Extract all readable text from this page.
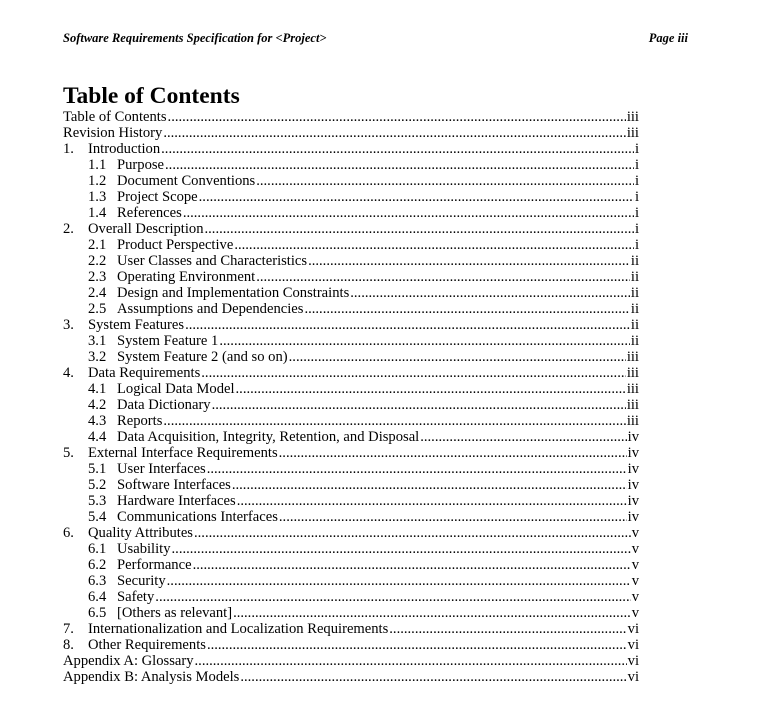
Software Requirements Specification for <Project>	Page iii
Table of Contents
Table of Contents .....	iii
Revision History .....	iii
1. Introduction .....	i
1.1 Purpose .....	i
1.2 Document Conventions .....	i
1.3 Project Scope .....	i
1.4 References .....	i
2. Overall Description .....	i
2.1 Product Perspective .....	i
2.2 User Classes and Characteristics .....	ii
2.3 Operating Environment .....	ii
2.4 Design and Implementation Constraints .....	ii
2.5 Assumptions and Dependencies .....	ii
3. System Features .....	ii
3.1 System Feature 1 .....	ii
3.2 System Feature 2 (and so on) .....	iii
4. Data Requirements .....	iii
4.1 Logical Data Model .....	iii
4.2 Data Dictionary .....	iii
4.3 Reports .....	iii
4.4 Data Acquisition, Integrity, Retention, and Disposal .....	iv
5. External Interface Requirements .....	iv
5.1 User Interfaces .....	iv
5.2 Software Interfaces .....	iv
5.3 Hardware Interfaces .....	iv
5.4 Communications Interfaces .....	iv
6. Quality Attributes .....	v
6.1 Usability .....	v
6.2 Performance .....	v
6.3 Security .....	v
6.4 Safety .....	v
6.5 [Others as relevant] .....	v
7. Internationalization and Localization Requirements .....	vi
8. Other Requirements .....	vi
Appendix A: Glossary .....	vi
Appendix B: Analysis Models .....	vi
